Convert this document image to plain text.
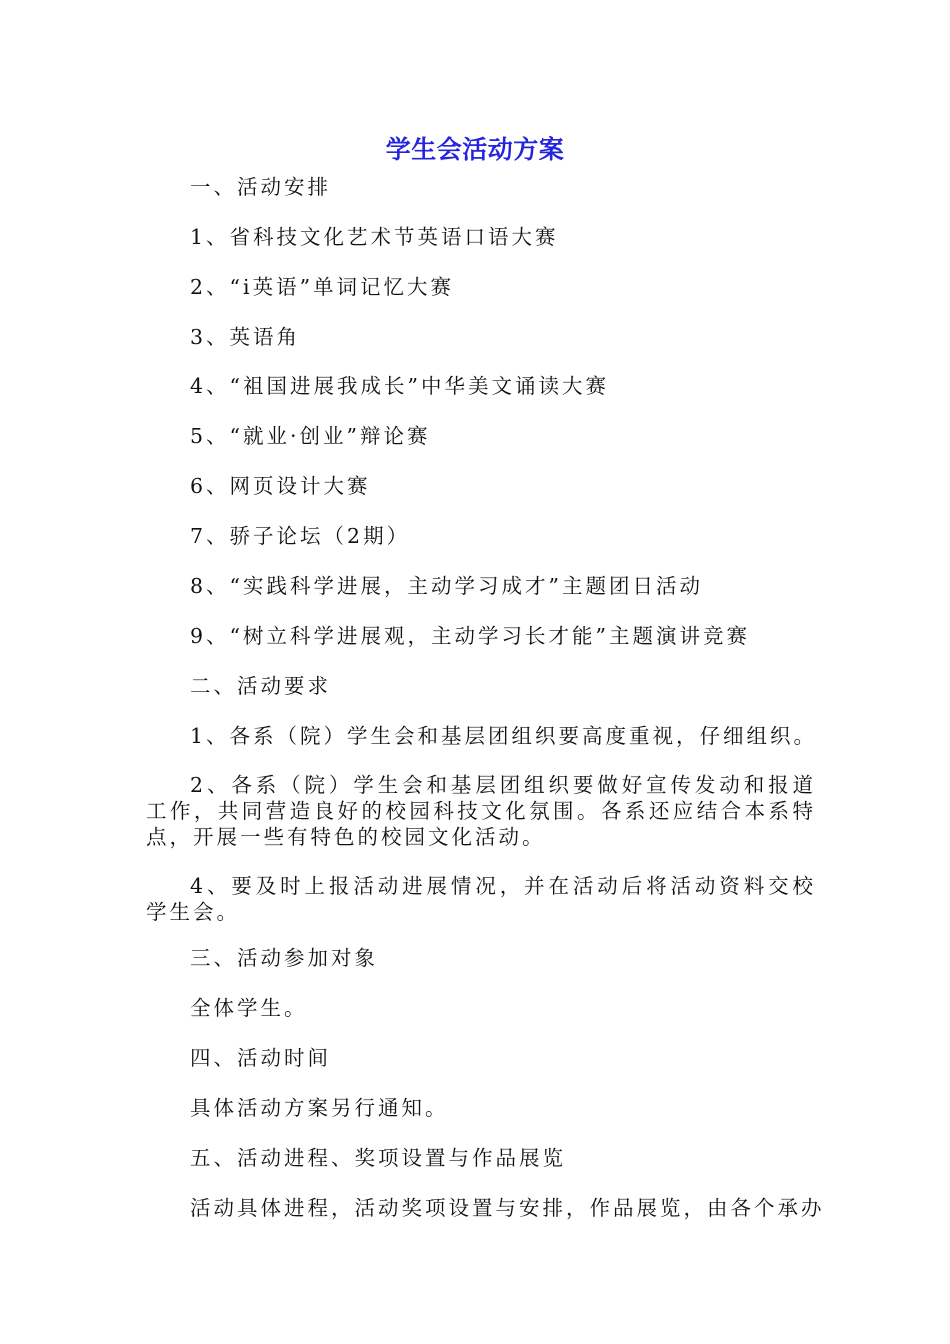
学生会活动方案
一、活动安排
1、省科技文化艺术节英语口语大赛
2、“i英语”单词记忆大赛
3、英语角
4、“祖国进展我成长”中华美文诵读大赛
5、“就业·创业”辩论赛
6、网页设计大赛
7、骄子论坛（2期）
8、“实践科学进展，主动学习成才”主题团日活动
9、“树立科学进展观，主动学习长才能”主题演讲竞赛
二、活动要求
1、各系（院）学生会和基层团组织要高度重视，仔细组织。
2、各系（院）学生会和基层团组织要做好宣传发动和报道工作，共同营造良好的校园科技文化氛围。各系还应结合本系特点，开展一些有特色的校园文化活动。
4、要及时上报活动进展情况，并在活动后将活动资料交校学生会。
三、活动参加对象
全体学生。
四、活动时间
具体活动方案另行通知。
五、活动进程、奖项设置与作品展览
活动具体进程，活动奖项设置与安排，作品展览，由各个承办
